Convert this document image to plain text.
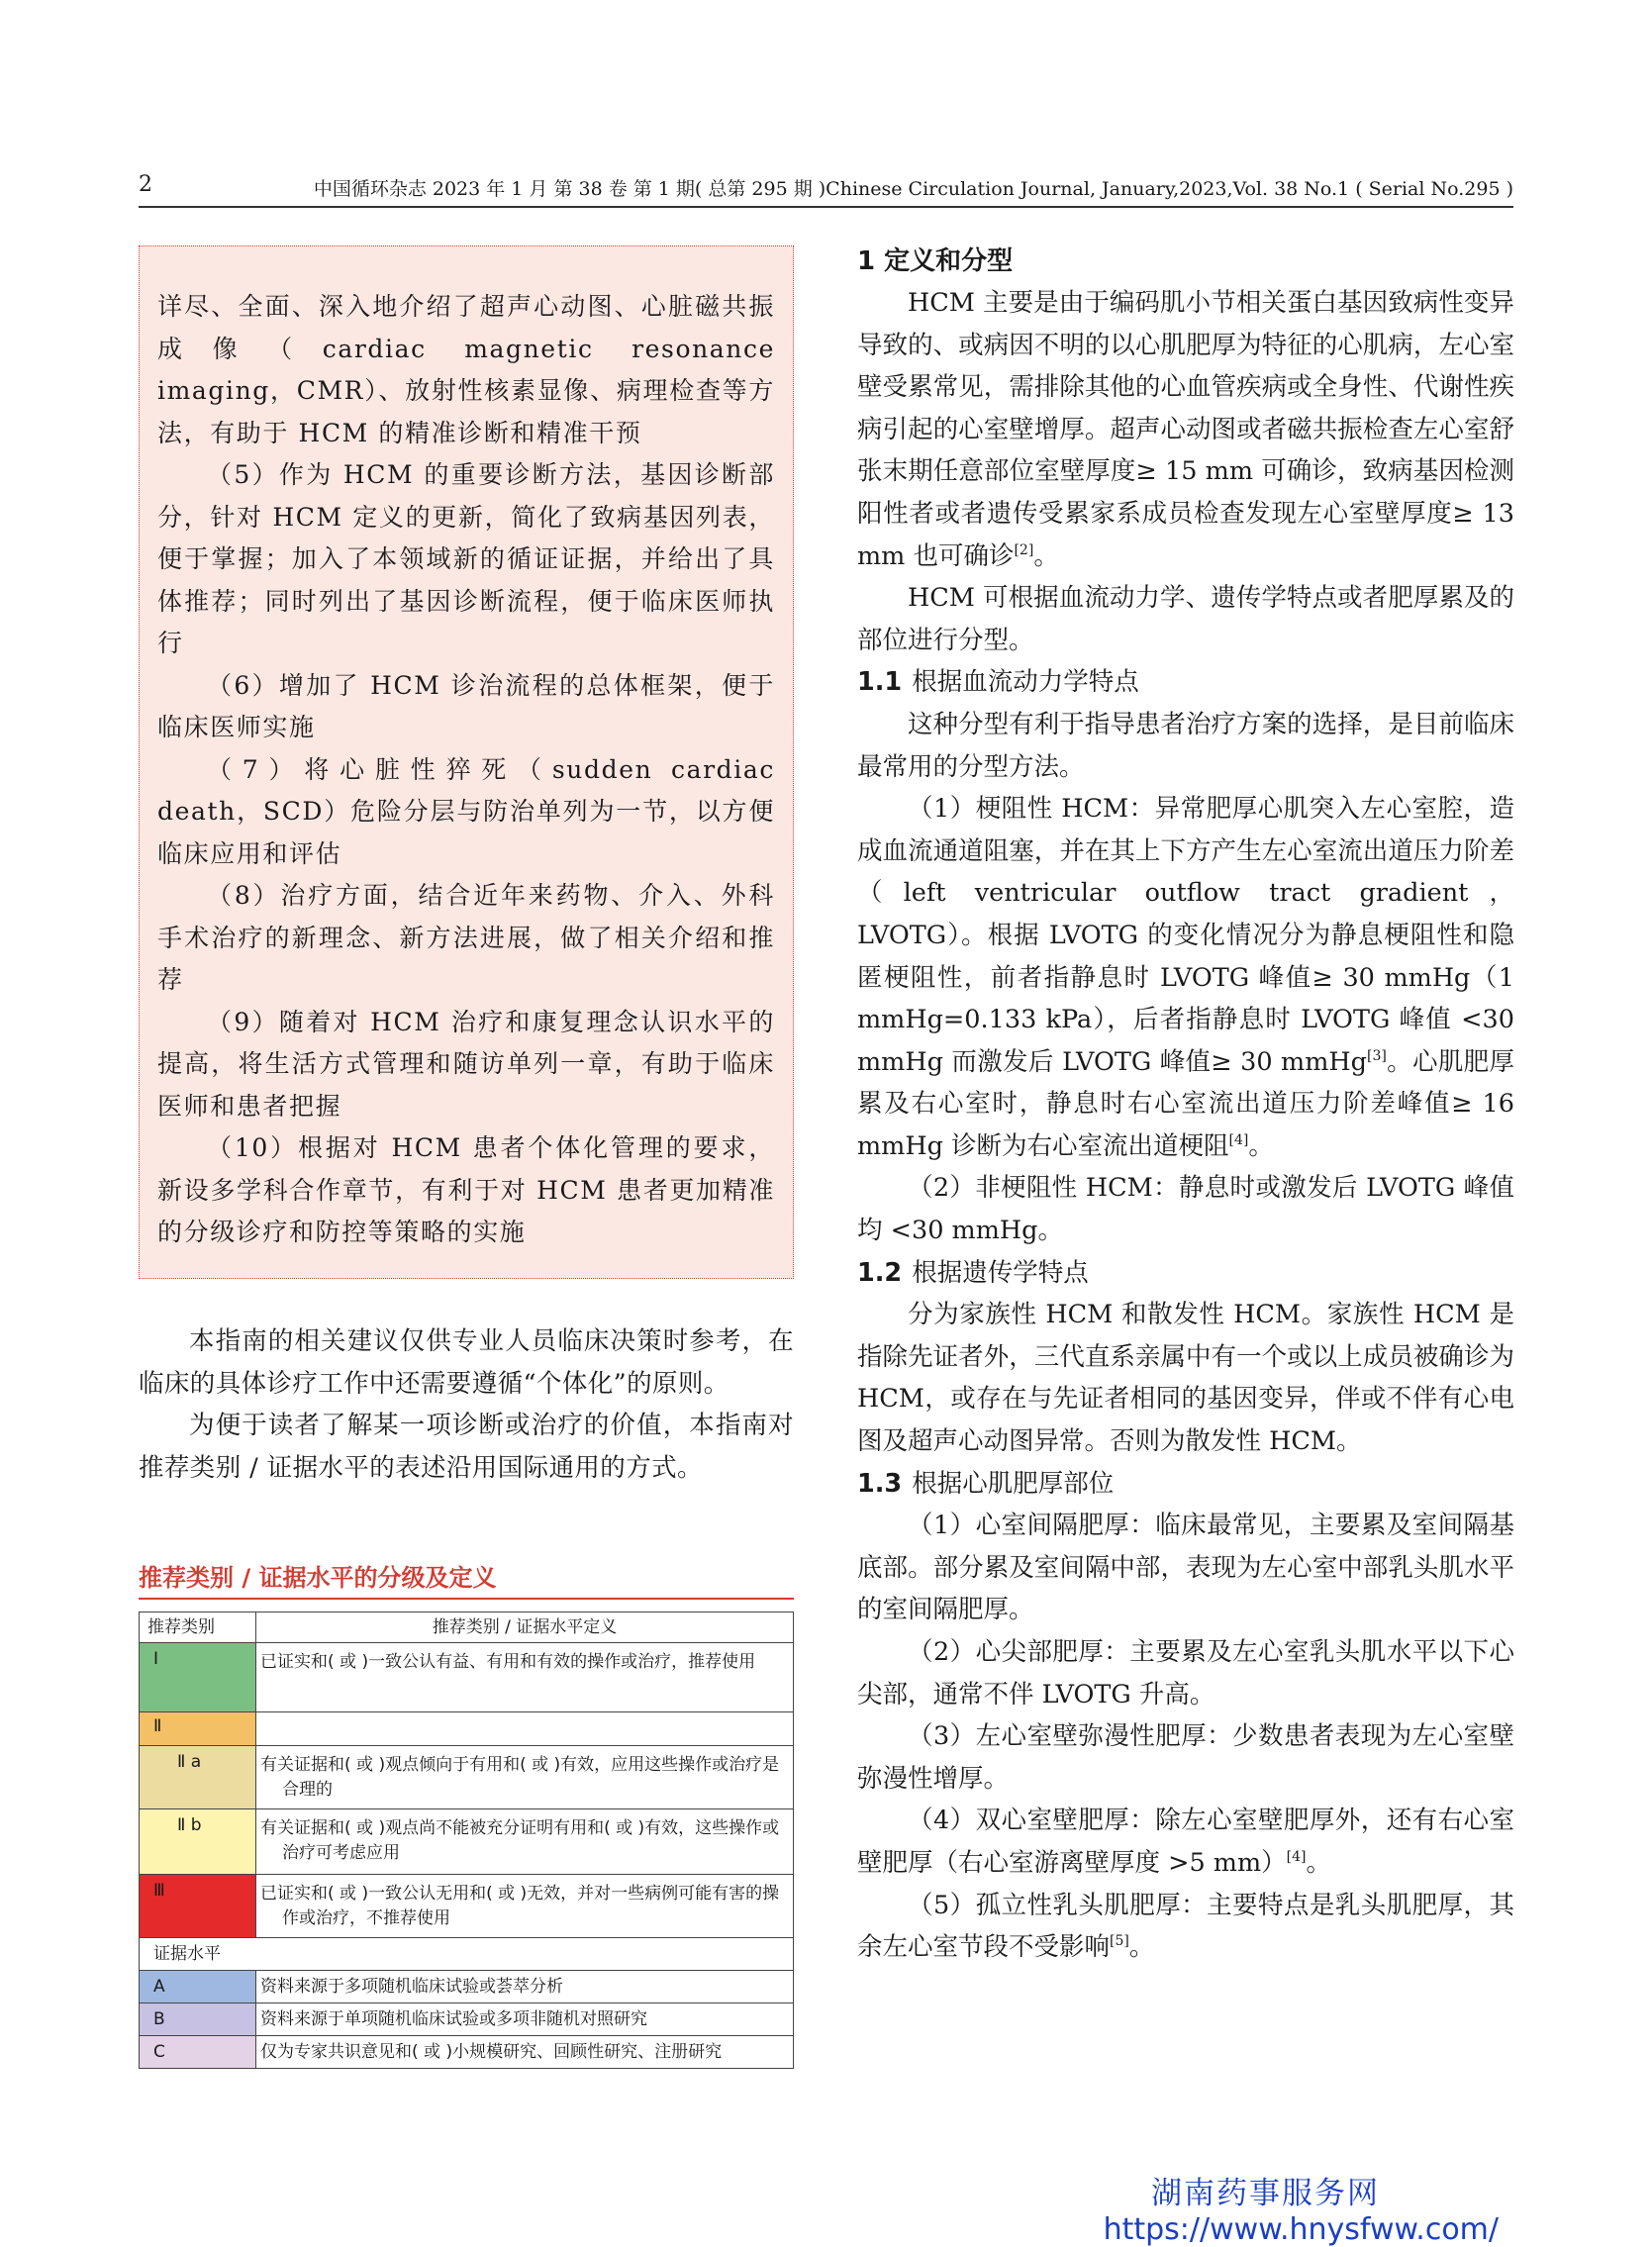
2	中国循环杂志 2023 年 1 月 第 38 卷 第 1 期( 总第 295 期 )Chinese Circulation Journal, January,2023,Vol. 38 No.1 ( Serial No.295 )

详尽、全面、深入地介绍了超声心动图、心脏磁共振成像（cardiac magnetic resonance imaging，CMR）、放射性核素显像、病理检查等方法，有助于 HCM 的精准诊断和精准干预

（5）作为 HCM 的重要诊断方法，基因诊断部分，针对 HCM 定义的更新，简化了致病基因列表，便于掌握；加入了本领域新的循证证据，并给出了具体推荐；同时列出了基因诊断流程，便于临床医师执行

（6）增加了 HCM 诊治流程的总体框架，便于临床医师实施

（7）将心脏性猝死（sudden cardiac death，SCD）危险分层与防治单列为一节，以方便临床应用和评估

（8）治疗方面，结合近年来药物、介入、外科手术治疗的新理念、新方法进展，做了相关介绍和推荐

（9）随着对 HCM 治疗和康复理念认识水平的提高，将生活方式管理和随访单列一章，有助于临床医师和患者把握

（10）根据对 HCM 患者个体化管理的要求，新设多学科合作章节，有利于对 HCM 患者更加精准的分级诊疗和防控等策略的实施

本指南的相关建议仅供专业人员临床决策时参考，在临床的具体诊疗工作中还需要遵循“个体化”的原则。

为便于读者了解某一项诊断或治疗的价值，本指南对推荐类别 / 证据水平的表述沿用国际通用的方式。

推荐类别 / 证据水平的分级及定义
推荐类别	推荐类别 / 证据水平定义
Ⅰ	已证实和( 或 )一致公认有益、有用和有效的操作或治疗，推荐使用

Ⅱ	
Ⅱ a	有关证据和( 或 )观点倾向于有用和( 或 )有效，应用这些操作或治疗是合理的

Ⅱ b	有关证据和( 或 )观点尚不能被充分证明有用和( 或 )有效，这些操作或治疗可考虑应用

Ⅲ	已证实和( 或 )一致公认无用和( 或 )无效，并对一些病例可能有害的操作或治疗，不推荐使用

证据水平	
A	资料来源于多项随机临床试验或荟萃分析
B	资料来源于单项随机临床试验或多项非随机对照研究
C	仅为专家共识意见和( 或 )小规模研究、回顾性研究、注册研究
1 定义和分型

HCM 主要是由于编码肌小节相关蛋白基因致病性变异导致的、或病因不明的以心肌肥厚为特征的心肌病，左心室壁受累常见，需排除其他的心血管疾病或全身性、代谢性疾病引起的心室壁增厚。超声心动图或者磁共振检查左心室舒张末期任意部位室壁厚度≥ 15 mm 可确诊，致病基因检测阳性者或者遗传受累家系成员检查发现左心室壁厚度≥ 13 mm 也可确诊[2]。

HCM 可根据血流动力学、遗传学特点或者肥厚累及的部位进行分型。

1.1 根据血流动力学特点

这种分型有利于指导患者治疗方案的选择，是目前临床最常用的分型方法。

（1）梗阻性 HCM：异常肥厚心肌突入左心室腔，造成血流通道阻塞，并在其上下方产生左心室流出道压力阶差（left ventricular outflow tract gradient，LVOTG）。根据 LVOTG 的变化情况分为静息梗阻性和隐匿梗阻性，前者指静息时 LVOTG 峰值≥ 30 mmHg（1 mmHg=0.133 kPa），后者指静息时 LVOTG 峰值 <30 mmHg 而激发后 LVOTG 峰值≥ 30 mmHg[3]。心肌肥厚累及右心室时，静息时右心室流出道压力阶差峰值≥ 16 mmHg 诊断为右心室流出道梗阻[4]。

（2）非梗阻性 HCM：静息时或激发后 LVOTG 峰值均 <30 mmHg。

1.2 根据遗传学特点

分为家族性 HCM 和散发性 HCM。家族性 HCM 是指除先证者外，三代直系亲属中有一个或以上成员被确诊为 HCM，或存在与先证者相同的基因变异，伴或不伴有心电图及超声心动图异常。否则为散发性 HCM。

1.3 根据心肌肥厚部位

（1）心室间隔肥厚：临床最常见，主要累及室间隔基底部。部分累及室间隔中部，表现为左心室中部乳头肌水平的室间隔肥厚。

（2）心尖部肥厚：主要累及左心室乳头肌水平以下心尖部，通常不伴 LVOTG 升高。

（3）左心室壁弥漫性肥厚：少数患者表现为左心室壁弥漫性增厚。

（4）双心室壁肥厚：除左心室壁肥厚外，还有右心室壁肥厚（右心室游离壁厚度 >5 mm）[4]。

（5）孤立性乳头肌肥厚：主要特点是乳头肌肥厚，其余左心室节段不受影响[5]。

湖南药事服务网
https://www.hnysfww.com/
